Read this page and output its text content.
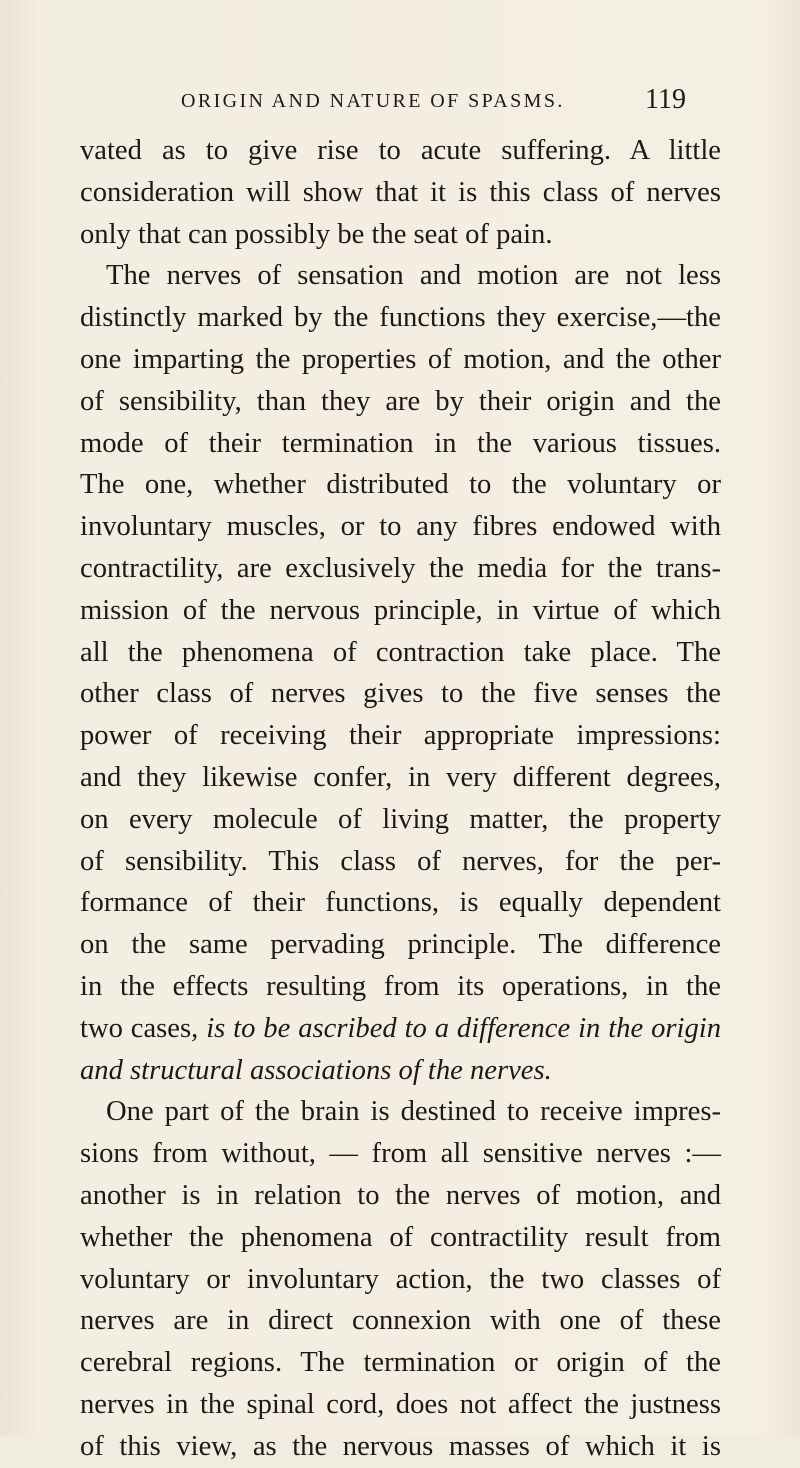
ORIGIN AND NATURE OF SPASMS.	119
vated as to give rise to acute suffering. A little
consideration will show that it is this class of nerves
only that can possibly be the seat of pain.
The nerves of sensation and motion are not less
distinctly marked by the functions they exercise,—the
one imparting the properties of motion, and the other
of sensibility, than they are by their origin and the
mode of their termination in the various tissues.
The one, whether distributed to the voluntary or
involuntary muscles, or to any fibres endowed with
contractility, are exclusively the media for the trans-
mission of the nervous principle, in virtue of which
all the phenomena of contraction take place. The
other class of nerves gives to the five senses the
power of receiving their appropriate impressions:
and they likewise confer, in very different degrees,
on every molecule of living matter, the property
of sensibility. This class of nerves, for the per-
formance of their functions, is equally dependent
on the same pervading principle. The difference
in the effects resulting from its operations, in the
two cases, is to be ascribed to a difference in the origin
and structural associations of the nerves.
One part of the brain is destined to receive impres-
sions from without, — from all sensitive nerves :—
another is in relation to the nerves of motion, and
whether the phenomena of contractility result from
voluntary or involuntary action, the two classes of
nerves are in direct connexion with one of these
cerebral regions. The termination or origin of the
nerves in the spinal cord, does not affect the justness
of this view, as the nervous masses of which it is
